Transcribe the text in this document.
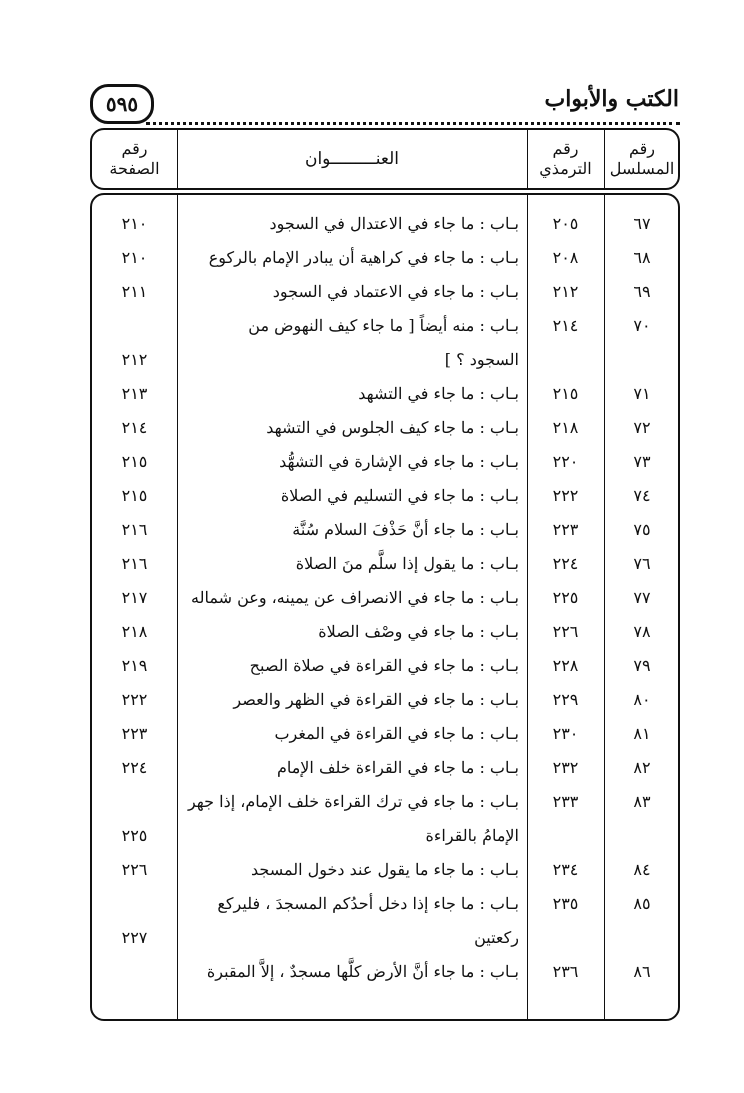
الكتب والأبواب
٥٩٥
رقم
الصفحة	العنـــــــــوان
رقم
الترمذي
رقم
المسلسل
٦٧
٢٠٥
بـاب : ما جاء في الاعتدال في السجود
٢١٠
٦٨
٢٠٨
بـاب : ما جاء في كراهية أن يبادر الإمام بالركوع
٢١٠
٦٩
٢١٢
بـاب : ما جاء في الاعتماد في السجود
٢١١
٧٠
٢١٤
بـاب : منه أيضاً [ ما جاء كيف النهوض من
السجود ؟ ]
٢١٢
٧١
٢١٥
بـاب : ما جاء في التشهد
٢١٣
٧٢
٢١٨
بـاب : ما جاء كيف الجلوس في التشهد
٢١٤
٧٣
٢٢٠
بـاب : ما جاء في الإشارة في التشهُّد
٢١٥
٧٤
٢٢٢
بـاب : ما جاء في التسليم في الصلاة
٢١٥
٧٥
٢٢٣
بـاب : ما جاء أنَّ حَذْفَ السلام سُنَّة
٢١٦
٧٦
٢٢٤
بـاب : ما يقول إذا سلَّم منَ الصلاة
٢١٦
٧٧
٢٢٥
بـاب : ما جاء في الانصراف عن يمينه، وعن شماله
٢١٧
٧٨
٢٢٦
بـاب : ما جاء في وصْف الصلاة
٢١٨
٧٩
٢٢٨
بـاب : ما جاء في القراءة في صلاة الصبح
٢١٩
٨٠
٢٢٩
بـاب : ما جاء في القراءة في الظهر والعصر
٢٢٢
٨١
٢٣٠
بـاب : ما جاء في القراءة في المغرب
٢٢٣
٨٢
٢٣٢
بـاب : ما جاء في القراءة خلف الإمام
٢٢٤
٨٣
٢٣٣
بـاب : ما جاء في ترك القراءة خلف الإمام، إذا جهر
الإمامُ بالقراءة
٢٢٥
٨٤
٢٣٤
بـاب : ما جاء ما يقول عند دخول المسجد
٢٢٦
٨٥
٢٣٥
بـاب : ما جاء إذا دخل أحدُكم المسجدَ ، فليركع
ركعتين
٢٢٧
٨٦
٢٣٦
بـاب : ما جاء أنَّ الأرض كلَّها مسجدٌ ، إلاَّ المقبرة
